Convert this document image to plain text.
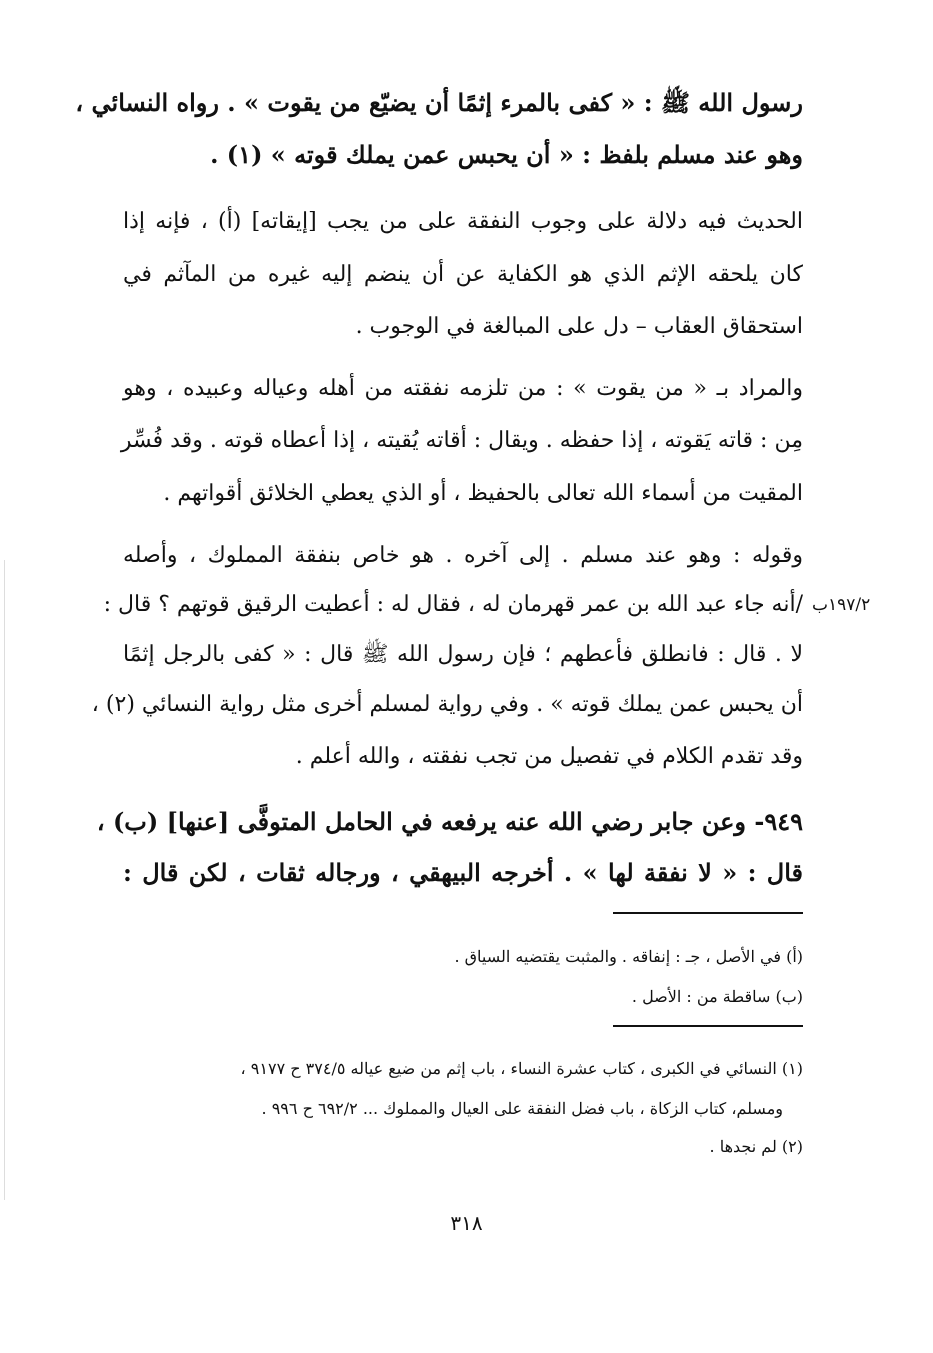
رسول الله ﷺ : « كفى بالمرء إثمًا أن يضيّع من يقوت » . رواه النسائي ،
وهو عند مسلم بلفظ : « أن يحبس عمن يملك قوته » (١) .
الحديث فيه دلالة على وجوب النفقة على من يجب [إيقاته] (أ) ، فإنه إذا
كان يلحقه الإثم الذي هو الكفاية عن أن ينضم إليه غيره من المآثم في
استحقاق العقاب – دل على المبالغة في الوجوب .
والمراد بـ « من يقوت » : من تلزمه نفقته من أهله وعياله وعبيده ، وهو
مِن : قاته يَقوته ، إذا حفظه . ويقال : أقاته يُقيته ، إذا أعطاه قوته . وقد فُسِّر
المقيت من أسماء الله تعالى بالحفيظ ، أو الذي يعطي الخلائق أقواتهم .
وقوله : وهو عند مسلم . إلى آخره . هو خاص بنفقة المملوك ، وأصله
١٩٧/٢ب
/أنه جاء عبد الله بن عمر قهرمان له ، فقال له : أعطيت الرقيق قوتهم ؟ قال :
لا . قال : فانطلق فأعطهم ؛ فإن رسول الله ﷺ قال : « كفى بالرجل إثمًا
أن يحبس عمن يملك قوته » . وفي رواية لمسلم أخرى مثل رواية النسائي (٢) ،
وقد تقدم الكلام في تفصيل من تجب نفقته ، والله أعلم .
٩٤٩- وعن جابر رضي الله عنه يرفعه في الحامل المتوفَّى [عنها] (ب) ،
قال : « لا نفقة لها » . أخرجه البيهقي ، ورجاله ثقات ، لكن قال :
(أ) في الأصل ، جـ : إنفاقه . والمثبت يقتضيه السياق .
(ب) ساقطة من : الأصل .
(١) النسائي في الكبرى ، كتاب عشرة النساء ، باب إثم من ضيع عياله ٣٧٤/٥ ح ٩١٧٧ ،
ومسلم، كتاب الزكاة ، باب فضل النفقة على العيال والمملوك ... ٦٩٢/٢ ح ٩٩٦ .
(٢) لم نجدها .
٣١٨
